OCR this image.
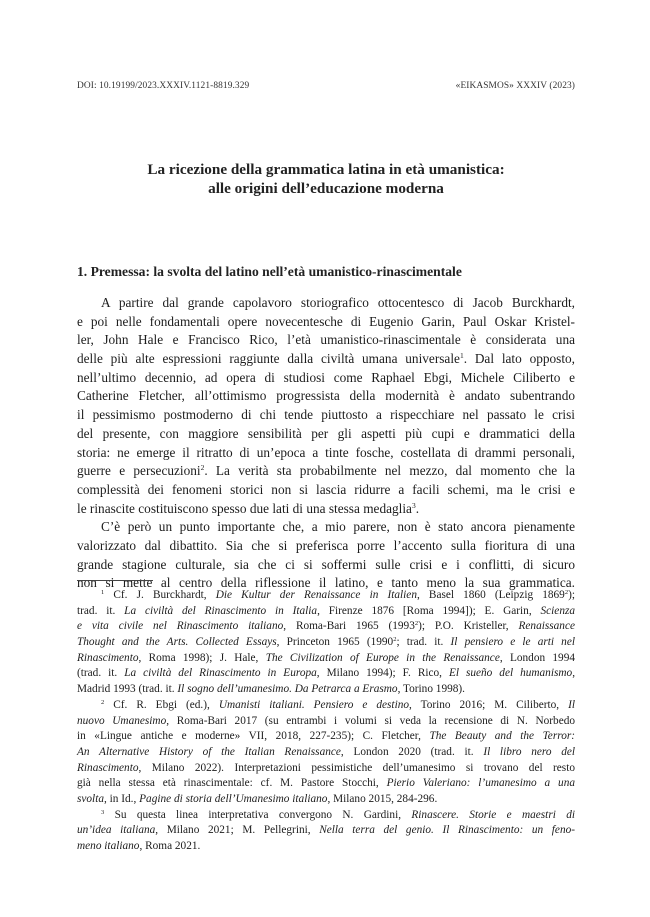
DOI: 10.19199/2023.XXXIV.1121-8819.329	«EIKASMOS» XXXIV (2023)
La ricezione della grammatica latina in età umanistica:
alle origini dell’educazione moderna
1. Premessa: la svolta del latino nell’età umanistico-rinascimentale
A partire dal grande capolavoro storiografico ottocentesco di Jacob Burckhardt,
e poi nelle fondamentali opere novecentesche di Eugenio Garin, Paul Oskar Kristel-
ler, John Hale e Francisco Rico, l’età umanistico-rinascimentale è considerata una
delle più alte espressioni raggiunte dalla civiltà umana universale$^1$. Dal lato opposto,
nell’ultimo decennio, ad opera di studiosi come Raphael Ebgi, Michele Ciliberto e
Catherine Fletcher, all’ottimismo progressista della modernità è andato subentrando
il pessimismo postmoderno di chi tende piuttosto a rispecchiare nel passato le crisi
del presente, con maggiore sensibilità per gli aspetti più cupi e drammatici della
storia: ne emerge il ritratto di un’epoca a tinte fosche, costellata di drammi personali,
guerre e persecuzioni$^2$. La verità sta probabilmente nel mezzo, dal momento che la
complessità dei fenomeni storici non si lascia ridurre a facili schemi, ma le crisi e
le rinascite costituiscono spesso due lati di una stessa medaglia$^3$.
C’è però un punto importante che, a mio parere, non è stato ancora pienamente
valorizzato dal dibattito. Sia che si preferisca porre l’accento sulla fioritura di una
grande stagione culturale, sia che ci si soffermi sulle crisi e i conflitti, di sicuro
non si mette al centro della riflessione il latino, e tanto meno la sua grammatica.
$^1$ Cf. J. Burckhardt, Die Kultur der Renaissance in Italien, Basel 1860 (Leipzig 1869$^2$);
trad. it. La civiltà del Rinascimento in Italia, Firenze 1876 [Roma 1994]); E. Garin, Scienza
e vita civile nel Rinascimento italiano, Roma-Bari 1965 (1993$^2$); P.O. Kristeller, Renaissance
Thought and the Arts. Collected Essays, Princeton 1965 (1990$^2$; trad. it. Il pensiero e le arti nel
Rinascimento, Roma 1998); J. Hale, The Civilization of Europe in the Renaissance, London 1994
(trad. it. La civiltà del Rinascimento in Europa, Milano 1994); F. Rico, El sueño del humanismo,
Madrid 1993 (trad. it. Il sogno dell’umanesimo. Da Petrarca a Erasmo, Torino 1998).
$^2$ Cf. R. Ebgi (ed.), Umanisti italiani. Pensiero e destino, Torino 2016; M. Ciliberto, Il
nuovo Umanesimo, Roma-Bari 2017 (su entrambi i volumi si veda la recensione di N. Norbedo
in «Lingue antiche e moderne» VII, 2018, 227-235); C. Fletcher, The Beauty and the Terror:
An Alternative History of the Italian Renaissance, London 2020 (trad. it. Il libro nero del
Rinascimento, Milano 2022). Interpretazioni pessimistiche dell’umanesimo si trovano del resto
già nella stessa età rinascimentale: cf. M. Pastore Stocchi, Pierio Valeriano: l’umanesimo a una
svolta, in Id., Pagine di storia dell’Umanesimo italiano, Milano 2015, 284-296.
$^3$ Su questa linea interpretativa convergono N. Gardini, Rinascere. Storie e maestri di
un’idea italiana, Milano 2021; M. Pellegrini, Nella terra del genio. Il Rinascimento: un feno-
meno italiano, Roma 2021.
